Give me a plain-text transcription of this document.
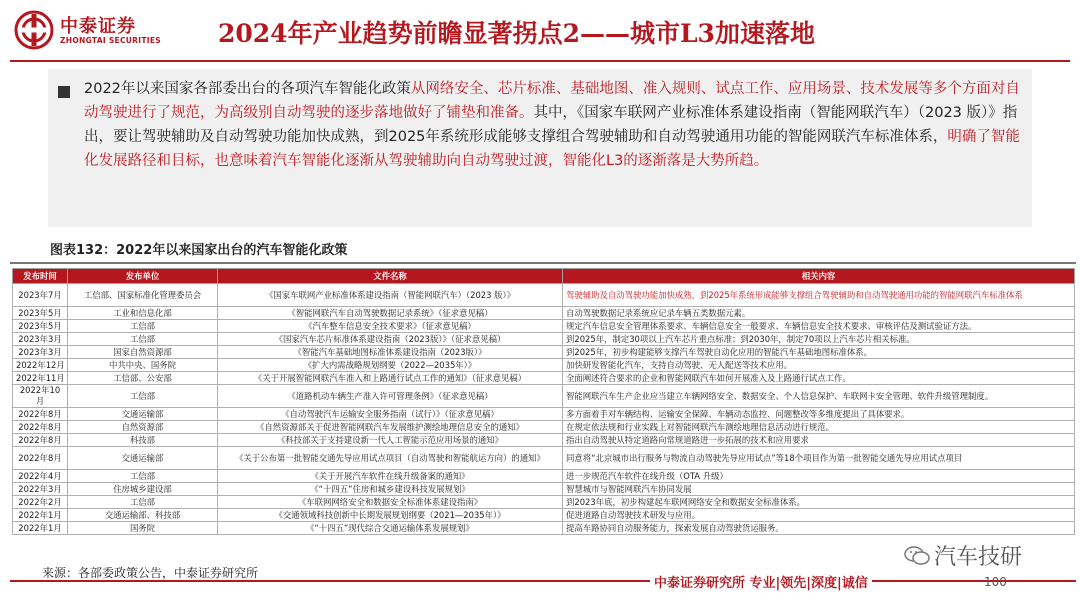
中泰证券
ZHONGTAI SECURITIES 2024年产业趋势前瞻显著拐点2——城市L3加速落地
2022年以来国家各部委出台的各项汽车智能化政策从网络安全、芯片标准、基础地图、准入规则、试点工作、应用场景、技术发展等多个方面对自动驾驶进行了规范，为高级别自动驾驶的逐步落地做好了铺垫和准备。其中，《国家车联网产业标准体系建设指南（智能网联汽车）（2023 版）》指出，要让驾驶辅助及自动驾驶功能加快成熟，到2025年系统形成能够支撑组合驾驶辅助和自动驾驶通用功能的智能网联汽车标准体系，明确了智能化发展路径和目标，也意味着汽车智能化逐渐从驾驶辅助向自动驾驶过渡，智能化L3的逐渐落是大势所趋。
图表132：2022年以来国家出台的汽车智能化政策
发布时间	发布单位	文件名称	相关内容
2023年7月	工信部、国家标准化管理委员会	《国家车联网产业标准体系建设指南（智能网联汽车）（2023 版）》	驾驶辅助及自动驾驶功能加快成熟，到2025年系统形成能够支撑组合驾驶辅助和自动驾驶通用功能的智能网联汽车标准体系
2023年5月	工业和信息化部	《智能网联汽车自动驾驶数据记录系统》（征求意见稿）	自动驾驶数据记录系统应记录车辆五类数据元素。
2023年5月	工信部	《汽车整车信息安全技术要求》（征求意见稿）	规定汽车信息安全管理体系要求、车辆信息安全一般要求、车辆信息安全技术要求、审核评估及测试验证方法。
2023年3月	工信部	《国家汽车芯片标准体系建设指南（2023版）》（征求意见稿）	到2025年，制定30项以上汽车芯片重点标准；到2030年，制定70项以上汽车芯片相关标准。
2023年3月	国家自然资源部	《智能汽车基础地图标准体系建设指南（2023版）》	到2025年，初步构建能够支撑汽车驾驶自动化应用的智能汽车基础地图标准体系。
2022年12月	中共中央、国务院	《扩大内需战略规划纲要（2022—2035年）》	加快研发智能化汽车，支持自动驾驶、无人配送等技术应用。
2022年11月	工信部、公安部	《关于开展智能网联汽车准入和上路通行试点工作的通知》（征求意见稿）	全面阐述符合要求的企业和智能网联汽车如何开展准入及上路通行试点工作。
2022年10月	工信部	《道路机动车辆生产准入许可管理条例》（征求意见稿）	智能网联汽车生产企业应当建立车辆网络安全、数据安全、个人信息保护、车联网卡安全管理、软件升级管理制度。
2022年8月	交通运输部	《自动驾驶汽车运输安全服务指南（试行）》（征求意见稿）	多方面着手对车辆结构、运输安全保障、车辆动态监控、问题整改等多维度提出了具体要求。
2022年8月	自然资源部	《自然资源部关于促进智能网联汽车发展维护测绘地理信息安全的通知》	在规定依法规和行业实践上对智能网联汽车测绘地理信息活动进行规范。
2022年8月	科技部	《科技部关于支持建设新一代人工智能示范应用场景的通知》	指出自动驾驶从特定道路向常规道路进一步拓展的技术和应用要求
2022年8月	交通运输部	《关于公布第一批智能交通先导应用试点项目（自动驾驶和智能航运方向）的通知》	同意将“北京城市出行服务与物流自动驾驶先导应用试点”等18个项目作为第一批智能交通先导应用试点项目
2022年4月	工信部	《关于开展汽车软件在线升级备案的通知》	进一步规范汽车软件在线升级（OTA 升级）
2022年3月	住房城乡建设部	《“十四五”住房和城乡建设科技发展规划》	智慧城市与智能网联汽车协同发展
2022年2月	工信部	《车联网网络安全和数据安全标准体系建设指南》	到2023年底，初步构建起车联网网络安全和数据安全标准体系。
2022年1月	交通运输部、科技部	《交通领域科技创新中长期发展规划纲要（2021—2035年）》	促进道路自动驾驶技术研发与应用。
2022年1月	国务院	《“十四五”现代综合交通运输体系发展规划》	提高车路协同自动服务能力，探索发展自动驾驶货运服务。
来源：各部委政策公告，中泰证券研究所
中泰证券研究所 专业|领先|深度|诚信	100
汽车技研
